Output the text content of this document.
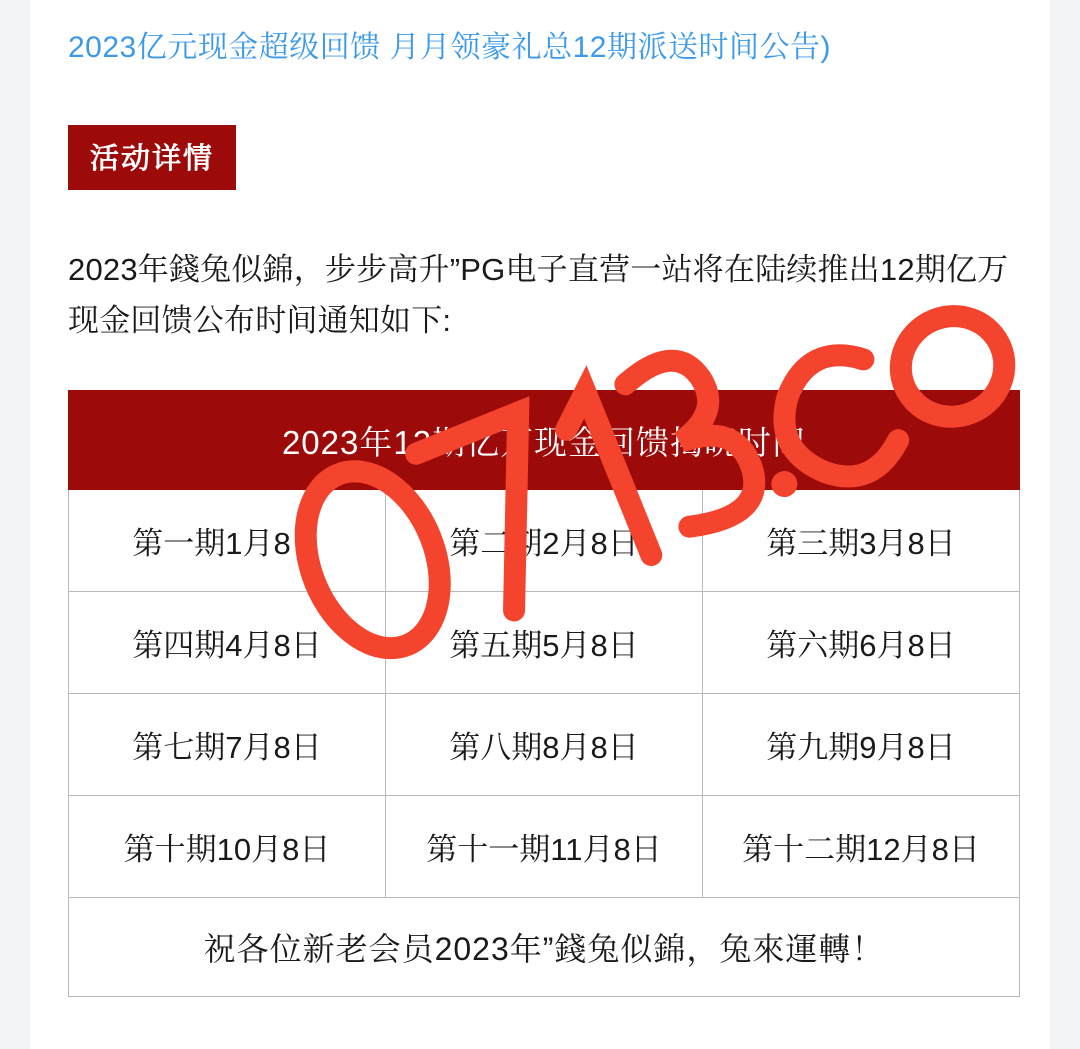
2023亿元现金超级回馈 月月领豪礼总12期派送时间公告)
活动详情
2023年錢兔似錦，步步高升”PG电子直营一站将在陆续推出12期亿万现金回馈公布时间通知如下:
2023年12期亿万现金回馈揭晓时间		
第一期1月8日	第二期2月8日	第三期3月8日
第四期4月8日	第五期5月8日	第六期6月8日
第七期7月8日	第八期8月8日	第九期9月8日
第十期10月8日	第十一期11月8日	第十二期12月8日
祝各位新老会员2023年”錢兔似錦，兔來運轉！		
